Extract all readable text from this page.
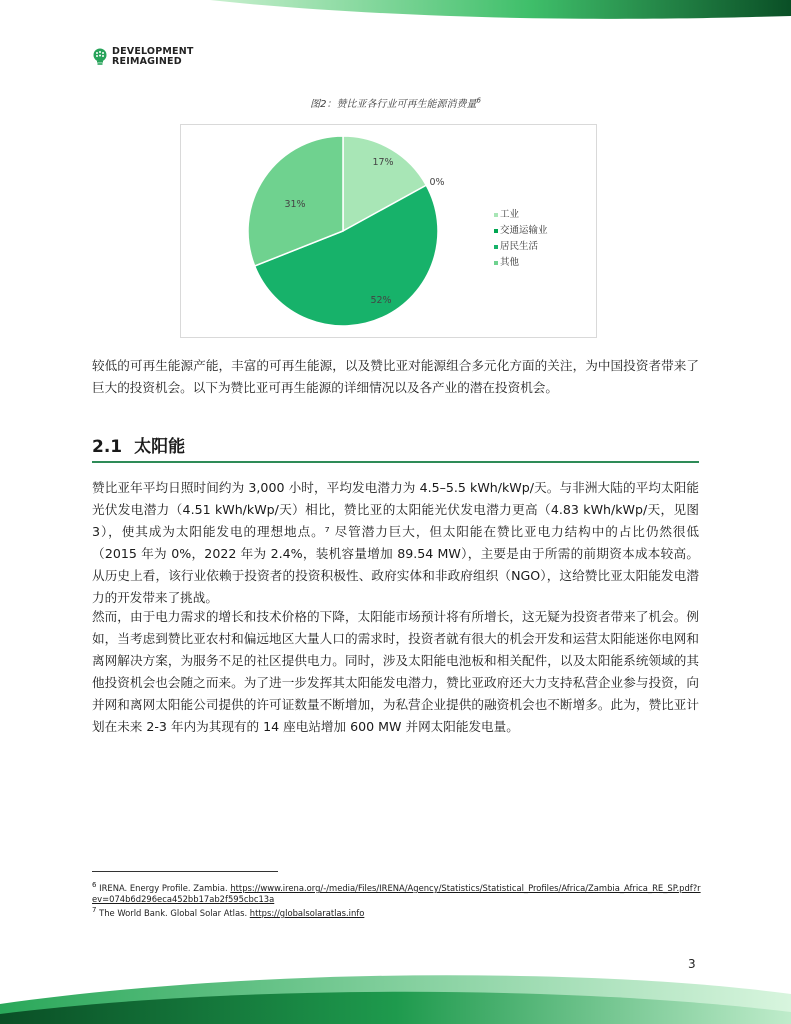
DEVELOPMENT
REIMAGINED
图2：赞比亚各行业可再生能源消费量$^6$
17%
0%
52%
31%
工业
交通运输业
居民生活
其他
较低的可再生能源产能，丰富的可再生能源，以及赞比亚对能源组合多元化方面的关注，为中国投资者带来了巨大的投资机会。以下为赞比亚可再生能源的详细情况以及各产业的潜在投资机会。
2.1 太阳能
赞比亚年平均日照时间约为 3,000 小时，平均发电潜力为 4.5–5.5 kWh/kWp/天。与非洲大陆的平均太阳能光伏发电潜力（4.51 kWh/kWp/天）相比，赞比亚的太阳能光伏发电潜力更高（4.83 kWh/kWp/天，见图 3），使其成为太阳能发电的理想地点。⁷ 尽管潜力巨大，但太阳能在赞比亚电力结构中的占比仍然很低（2015 年为 0%，2022 年为 2.4%，装机容量增加 89.54 MW），主要是由于所需的前期资本成本较高。从历史上看，该行业依赖于投资者的投资积极性、政府实体和非政府组织（NGO），这给赞比亚太阳能发电潜力的开发带来了挑战。
然而，由于电力需求的增长和技术价格的下降，太阳能市场预计将有所增长，这无疑为投资者带来了机会。例如，当考虑到赞比亚农村和偏远地区大量人口的需求时，投资者就有很大的机会开发和运营太阳能迷你电网和离网解决方案，为服务不足的社区提供电力。同时，涉及太阳能电池板和相关配件，以及太阳能系统领域的其他投资机会也会随之而来。为了进一步发挥其太阳能发电潜力，赞比亚政府还大力支持私营企业参与投资，向并网和离网太阳能公司提供的许可证数量不断增加，为私营企业提供的融资机会也不断增多。此为，赞比亚计划在未来 2-3 年内为其现有的 14 座电站增加 600 MW 并网太阳能发电量。
$^6$ IRENA. Energy Profile. Zambia. https://www.irena.org/-/media/Files/IRENA/Agency/Statistics/Statistical_Profiles/Africa/Zambia_Africa_RE_SP.pdf?rev=074b6d296eca452bb17ab2f595cbc13a
$^7$ The World Bank. Global Solar Atlas. https://globalsolaratlas.info
3
